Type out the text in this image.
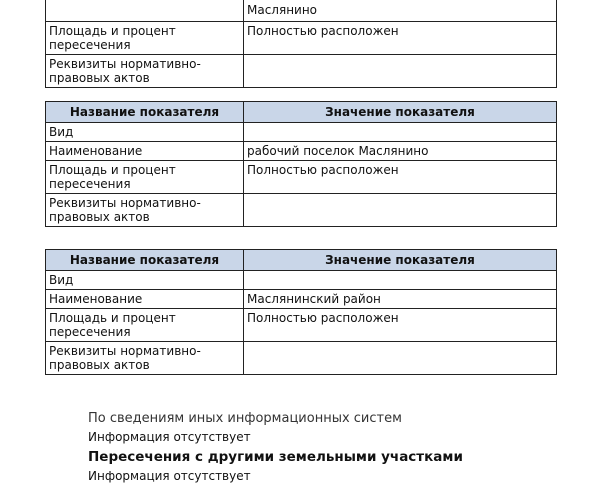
	Маслянино

Площадь и процент пересечения	Полностью расположен
Реквизиты нормативно-правовых актов	
Название показателя	Значение показателя
Вид	
Наименование	рабочий поселок Маслянино
Площадь и процент пересечения	Полностью расположен
Реквизиты нормативно-правовых актов	
Название показателя	Значение показателя
Вид	
Наименование	Маслянинский район
Площадь и процент пересечения	Полностью расположен
Реквизиты нормативно-правовых актов	
По сведениям иных информационных систем
Информация отсутствует
Пересечения с другими земельными участками
Информация отсутствует
